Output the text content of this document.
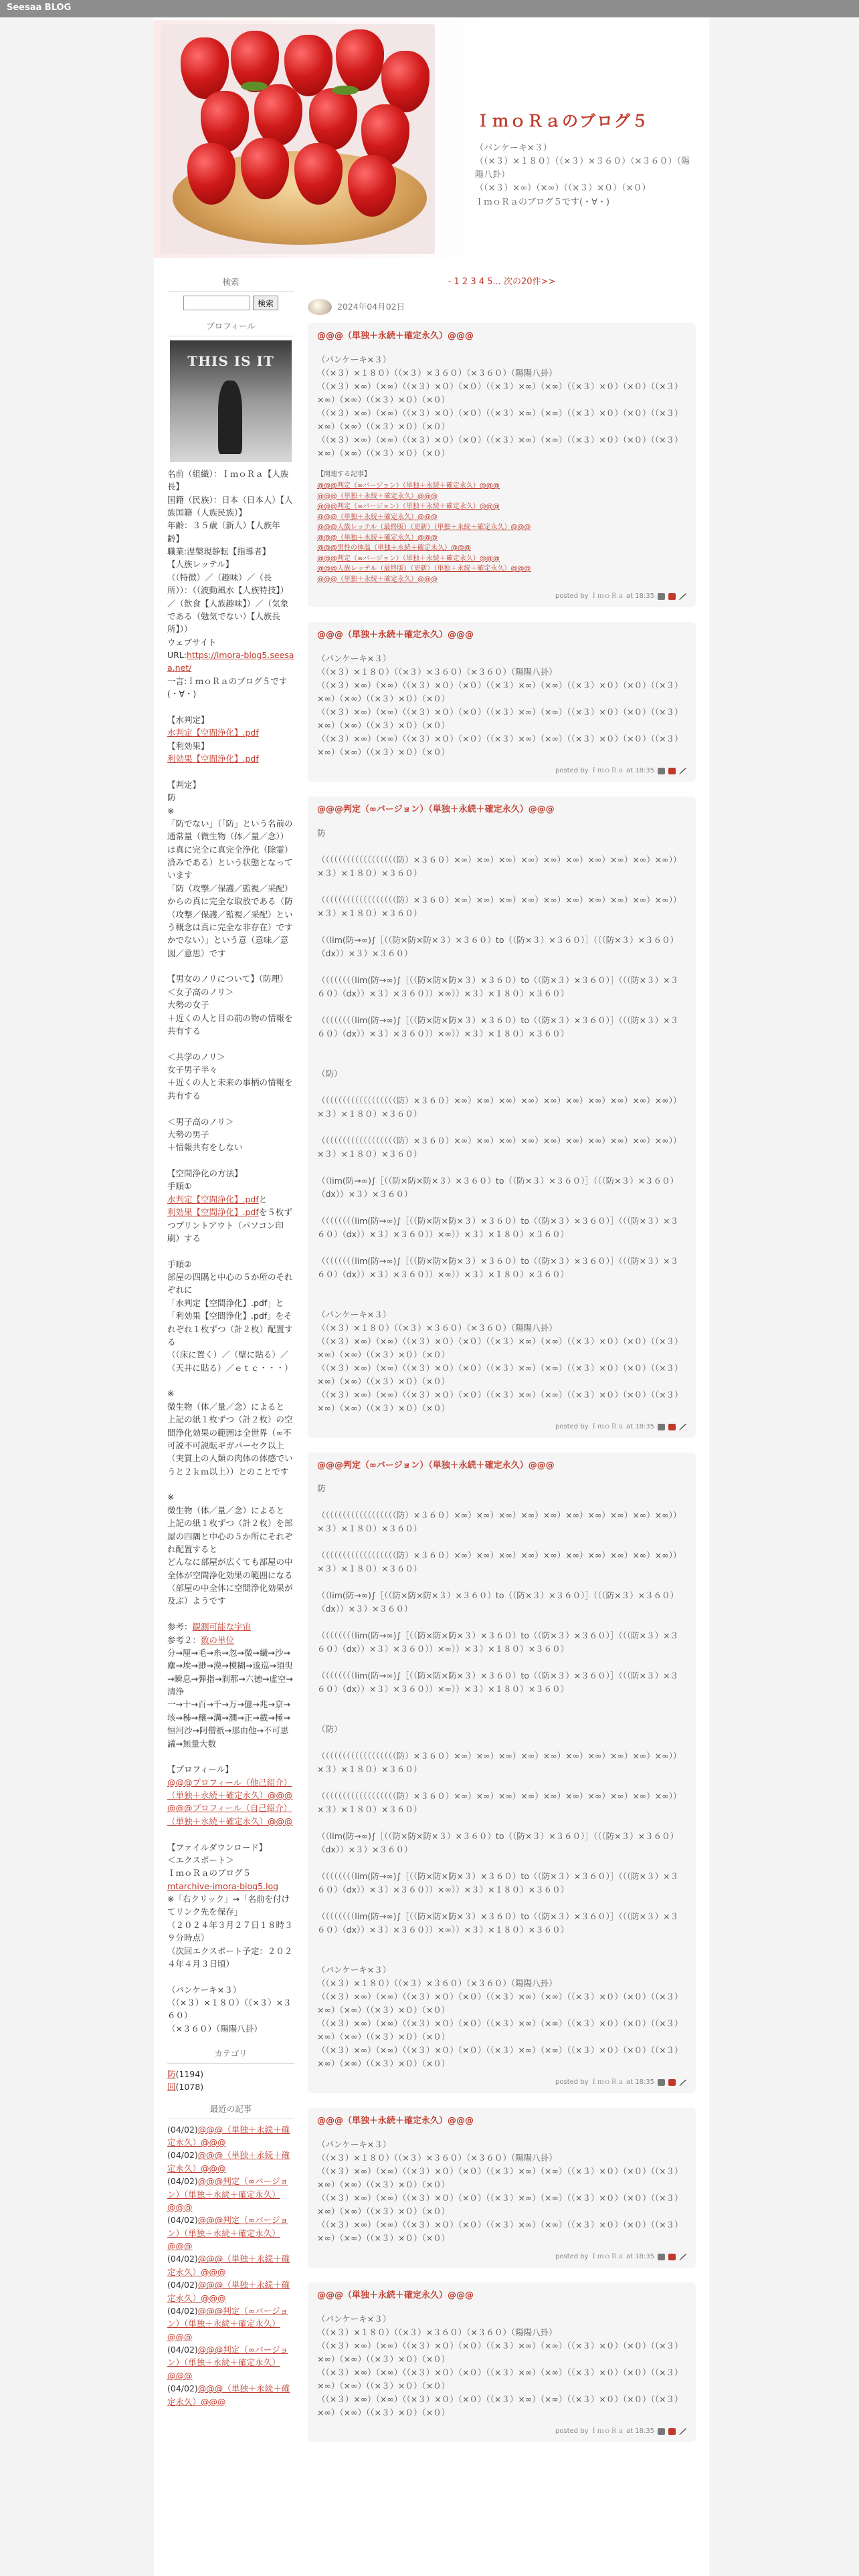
Seesaa BLOG
ＩｍｏＲａのブログ５
（パンケーキ×３）
（（×３）×１８０）（（×３）×３６０）（×３６０）（陽陽八卦）
（（×３）×∞）（×∞）（（×３）×０）（×０）
ＩｍｏＲａのブログ５です(・∀・)
検索
検索
プロフィール
THIS IS IT
名前（組織）：ＩｍｏＲａ【人族長】
国籍（民族）：日本（日本人）【人族国籍（人族民族）】
年齢：３５歳（新人）【人族年齢】
職業:涅槃現静転【指導者】
【人族レッテル】
（（特徴）／（趣味）／（長所））：（（波動風水【人族特技】）／（飲食【人族趣味】）／（気象である（勉気でない）【人族長所】））
ウェブサイト
URL:https://imora-blog5.seesaa.net/
一言:ＩｍｏＲａのブログ５です(・∀・)

【水判定】
水判定【空間浄化】.pdf
【利効果】
利効果【空間浄化】.pdf

【判定】
防
※
「防でない」（「防」という名前の通常量（微生物（体／量／念））は真に完全に真完全浄化（除霊）済みである）という状態となっています
「防（攻撃／保護／監視／采配）からの真に完全な取放である（防（攻撃／保護／監視／采配）という概念は真に完全な非存在）ですかでない）」という意（意味／意図／意思）です

【男女のノリについて】（防理）
＜女子高のノリ＞
大勢の女子
＋近くの人と目の前の物の情報を共有する

＜共学のノリ＞
女子男子半々
＋近くの人と未来の事柄の情報を共有する

＜男子高のノリ＞
大勢の男子
＋情報共有をしない

【空間浄化の方法】
手順①
水判定【空間浄化】.pdfと
利効果【空間浄化】.pdfを５枚ずつプリントアウト（パソコン印刷）する

手順②
部屋の四隅と中心の５か所のそれぞれに
「水判定【空間浄化】.pdf」と「利効果【空間浄化】.pdf」をそれぞれ１枚ずつ（計２枚）配置する
（（床に置く）／（壁に貼る）／（天井に貼る）／ｅｔｃ・・・）

※
微生物（体／量／念）によると
上記の紙１枚ずつ（計２枚）の空間浄化効果の範囲は全世界（∞不可説不可説転ギガパーセク以上（実質上の人類の肉体の体感でいうと２ｋｍ以上））とのことです

※
微生物（体／量／念）によると
上記の紙１枚ずつ（計２枚）を部屋の四隅と中心の５か所にそれぞれ配置すると
どんなに部屋が広くても部屋の中全体が空間浄化効果の範囲になる（部屋の中全体に空間浄化効果が及ぶ）ようです

参考：観測可能な宇宙
参考２：数の単位
分→厘→毛→糸→忽→微→繊→沙→塵→埃→渺→漠→模糊→逡巡→須臾→瞬息→弾指→刹那→六徳→虚空→清浄
一→十→百→千→万→億→兆→京→垓→秭→穣→溝→澗→正→載→極→恒河沙→阿僧祇→那由他→不可思議→無量大数

【プロフィール】
@@@プロフィール（他己紹介）（単独＋永続＋確定永久）@@@
@@@プロフィール（自己紹介）（単独＋永続＋確定永久）@@@

【ファイルダウンロード】
＜エクスポート＞
ＩｍｏＲａのブログ５
mtarchive-imora-blog5.log
※「右クリック」→「名前を付けてリンク先を保存」
（２０２４年３月２７日１８時３９分時点）
（次回エクスポート予定：２０２４年４月３日頃）

（パンケーキ×３）
（（×３）×１８０）（（×３）×３６０）
（×３６０）（陽陽八卦）
カテゴリ
防(1194)
回(1078)
最近の記事
(04/02)@@@（単独＋永続＋確定永久）@@@
(04/02)@@@（単独＋永続＋確定永久）@@@
(04/02)@@@判定（∞バージョン）（単独＋永続＋確定永久）@@@
(04/02)@@@判定（∞バージョン）（単独＋永続＋確定永久）@@@
(04/02)@@@（単独＋永続＋確定永久）@@@
(04/02)@@@（単独＋永続＋確定永久）@@@
(04/02)@@@判定（∞バージョン）（単独＋永続＋確定永久）@@@
(04/02)@@@判定（∞バージョン）（単独＋永続＋確定永久）@@@
(04/02)@@@（単独＋永続＋確定永久）@@@
- 1 2 3 4 5... 次の20件>>
2024年04月02日
@@@（単独＋永続＋確定永久）@@@
（パンケーキ×３）
（（×３）×１８０）（（×３）×３６０）（×３６０）（陽陽八卦）
（（×３）×∞）（×∞）（（×３）×０）（×０）（（×３）×∞）（×∞）（（×３）×０）（×０）（（×３）×∞）（×∞）（（×３）×０）（×０）
（（×３）×∞）（×∞）（（×３）×０）（×０）（（×３）×∞）（×∞）（（×３）×０）（×０）（（×３）×∞）（×∞）（（×３）×０）（×０）
（（×３）×∞）（×∞）（（×３）×０）（×０）（（×３）×∞）（×∞）（（×３）×０）（×０）（（×３）×∞）（×∞）（（×３）×０）（×０）
【関連する記事】
@@@判定（∞バージョン）（単独＋永続＋確定永久）@@@
@@@（単独＋永続＋確定永久）@@@
@@@判定（∞バージョン）（単独＋永続＋確定永久）@@@
@@@（単独＋永続＋確定永久）@@@
@@@人族レッテル（最終版）（更新）（単独＋永続＋確定永久）@@@
@@@（単独＋永続＋確定永久）@@@
@@@男性の体温（単独＋永続＋確定永久）@@@
@@@判定（∞バージョン）（単独＋永続＋確定永久）@@@
@@@人族レッテル（最終版）（更新）（単独＋永続＋確定永久）@@@
@@@（単独＋永続＋確定永久）@@@
posted by ＩｍｏＲａ at 18:35
@@@（単独＋永続＋確定永久）@@@
（パンケーキ×３）
（（×３）×１８０）（（×３）×３６０）（×３６０）（陽陽八卦）
（（×３）×∞）（×∞）（（×３）×０）（×０）（（×３）×∞）（×∞）（（×３）×０）（×０）（（×３）×∞）（×∞）（（×３）×０）（×０）
（（×３）×∞）（×∞）（（×３）×０）（×０）（（×３）×∞）（×∞）（（×３）×０）（×０）（（×３）×∞）（×∞）（（×３）×０）（×０）
（（×３）×∞）（×∞）（（×３）×０）（×０）（（×３）×∞）（×∞）（（×３）×０）（×０）（（×３）×∞）（×∞）（（×３）×０）（×０）
posted by ＩｍｏＲａ at 18:35
@@@判定（∞バージョン）（単独＋永続＋確定永久）@@@
防

（（（（（（（（（（（（（（（（（（防）×３６０）×∞）×∞）×∞）×∞）×∞）×∞）×∞）×∞）×∞）×∞））×３）×１８０）×３６０）

（（（（（（（（（（（（（（（（（（防）×３６０）×∞）×∞）×∞）×∞）×∞）×∞）×∞）×∞）×∞）×∞））×３）×１８０）×３６０）

（（lim(防→∞)∫［（（防×防×防×３）×３６０）to（（防×３）×３６０）］（（（防×３）×３６０）（dx））×３）×３６０）

（（（（（（（（lim(防→∞)∫［（（防×防×防×３）×３６０）to（（防×３）×３６０）］（（（防×３）×３６０）（dx））×３）×３６０））×∞））×３）×１８０）×３６０）

（（（（（（（（lim(防→∞)∫［（（防×防×防×３）×３６０）to（（防×３）×３６０）］（（（防×３）×３６０）（dx））×３）×３６０））×∞））×３）×１８０）×３６０）

（防）

（（（（（（（（（（（（（（（（（（防）×３６０）×∞）×∞）×∞）×∞）×∞）×∞）×∞）×∞）×∞）×∞））×３）×１８０）×３６０）

（（（（（（（（（（（（（（（（（（防）×３６０）×∞）×∞）×∞）×∞）×∞）×∞）×∞）×∞）×∞）×∞））×３）×１８０）×３６０）

（（lim(防→∞)∫［（（防×防×防×３）×３６０）to（（防×３）×３６０）］（（（防×３）×３６０）（dx））×３）×３６０）

（（（（（（（（lim(防→∞)∫［（（防×防×防×３）×３６０）to（（防×３）×３６０）］（（（防×３）×３６０）（dx））×３）×３６０））×∞））×３）×１８０）×３６０）

（（（（（（（（lim(防→∞)∫［（（防×防×防×３）×３６０）to（（防×３）×３６０）］（（（防×３）×３６０）（dx））×３）×３６０））×∞））×３）×１８０）×３６０）

（パンケーキ×３）
（（×３）×１８０）（（×３）×３６０）（×３６０）（陽陽八卦）
（（×３）×∞）（×∞）（（×３）×０）（×０）（（×３）×∞）（×∞）（（×３）×０）（×０）（（×３）×∞）（×∞）（（×３）×０）（×０）
（（×３）×∞）（×∞）（（×３）×０）（×０）（（×３）×∞）（×∞）（（×３）×０）（×０）（（×３）×∞）（×∞）（（×３）×０）（×０）
（（×３）×∞）（×∞）（（×３）×０）（×０）（（×３）×∞）（×∞）（（×３）×０）（×０）（（×３）×∞）（×∞）（（×３）×０）（×０）
posted by ＩｍｏＲａ at 18:35
@@@判定（∞バージョン）（単独＋永続＋確定永久）@@@
防

（（（（（（（（（（（（（（（（（（防）×３６０）×∞）×∞）×∞）×∞）×∞）×∞）×∞）×∞）×∞）×∞））×３）×１８０）×３６０）

（（（（（（（（（（（（（（（（（（防）×３６０）×∞）×∞）×∞）×∞）×∞）×∞）×∞）×∞）×∞）×∞））×３）×１８０）×３６０）

（（lim(防→∞)∫［（（防×防×防×３）×３６０）to（（防×３）×３６０）］（（（防×３）×３６０）（dx））×３）×３６０）

（（（（（（（（lim(防→∞)∫［（（防×防×防×３）×３６０）to（（防×３）×３６０）］（（（防×３）×３６０）（dx））×３）×３６０））×∞））×３）×１８０）×３６０）

（（（（（（（（lim(防→∞)∫［（（防×防×防×３）×３６０）to（（防×３）×３６０）］（（（防×３）×３６０）（dx））×３）×３６０））×∞））×３）×１８０）×３６０）

（防）

（（（（（（（（（（（（（（（（（（防）×３６０）×∞）×∞）×∞）×∞）×∞）×∞）×∞）×∞）×∞）×∞））×３）×１８０）×３６０）

（（（（（（（（（（（（（（（（（（防）×３６０）×∞）×∞）×∞）×∞）×∞）×∞）×∞）×∞）×∞）×∞））×３）×１８０）×３６０）

（（lim(防→∞)∫［（（防×防×防×３）×３６０）to（（防×３）×３６０）］（（（防×３）×３６０）（dx））×３）×３６０）

（（（（（（（（lim(防→∞)∫［（（防×防×防×３）×３６０）to（（防×３）×３６０）］（（（防×３）×３６０）（dx））×３）×３６０））×∞））×３）×１８０）×３６０）

（（（（（（（（lim(防→∞)∫［（（防×防×防×３）×３６０）to（（防×３）×３６０）］（（（防×３）×３６０）（dx））×３）×３６０））×∞））×３）×１８０）×３６０）

（パンケーキ×３）
（（×３）×１８０）（（×３）×３６０）（×３６０）（陽陽八卦）
（（×３）×∞）（×∞）（（×３）×０）（×０）（（×３）×∞）（×∞）（（×３）×０）（×０）（（×３）×∞）（×∞）（（×３）×０）（×０）
（（×３）×∞）（×∞）（（×３）×０）（×０）（（×３）×∞）（×∞）（（×３）×０）（×０）（（×３）×∞）（×∞）（（×３）×０）（×０）
（（×３）×∞）（×∞）（（×３）×０）（×０）（（×３）×∞）（×∞）（（×３）×０）（×０）（（×３）×∞）（×∞）（（×３）×０）（×０）
posted by ＩｍｏＲａ at 18:35
@@@（単独＋永続＋確定永久）@@@
（パンケーキ×３）
（（×３）×１８０）（（×３）×３６０）（×３６０）（陽陽八卦）
（（×３）×∞）（×∞）（（×３）×０）（×０）（（×３）×∞）（×∞）（（×３）×０）（×０）（（×３）×∞）（×∞）（（×３）×０）（×０）
（（×３）×∞）（×∞）（（×３）×０）（×０）（（×３）×∞）（×∞）（（×３）×０）（×０）（（×３）×∞）（×∞）（（×３）×０）（×０）
（（×３）×∞）（×∞）（（×３）×０）（×０）（（×３）×∞）（×∞）（（×３）×０）（×０）（（×３）×∞）（×∞）（（×３）×０）（×０）
posted by ＩｍｏＲａ at 18:35
@@@（単独＋永続＋確定永久）@@@
（パンケーキ×３）
（（×３）×１８０）（（×３）×３６０）（×３６０）（陽陽八卦）
（（×３）×∞）（×∞）（（×３）×０）（×０）（（×３）×∞）（×∞）（（×３）×０）（×０）（（×３）×∞）（×∞）（（×３）×０）（×０）
（（×３）×∞）（×∞）（（×３）×０）（×０）（（×３）×∞）（×∞）（（×３）×０）（×０）（（×３）×∞）（×∞）（（×３）×０）（×０）
（（×３）×∞）（×∞）（（×３）×０）（×０）（（×３）×∞）（×∞）（（×３）×０）（×０）（（×３）×∞）（×∞）（（×３）×０）（×０）
posted by ＩｍｏＲａ at 18:35
